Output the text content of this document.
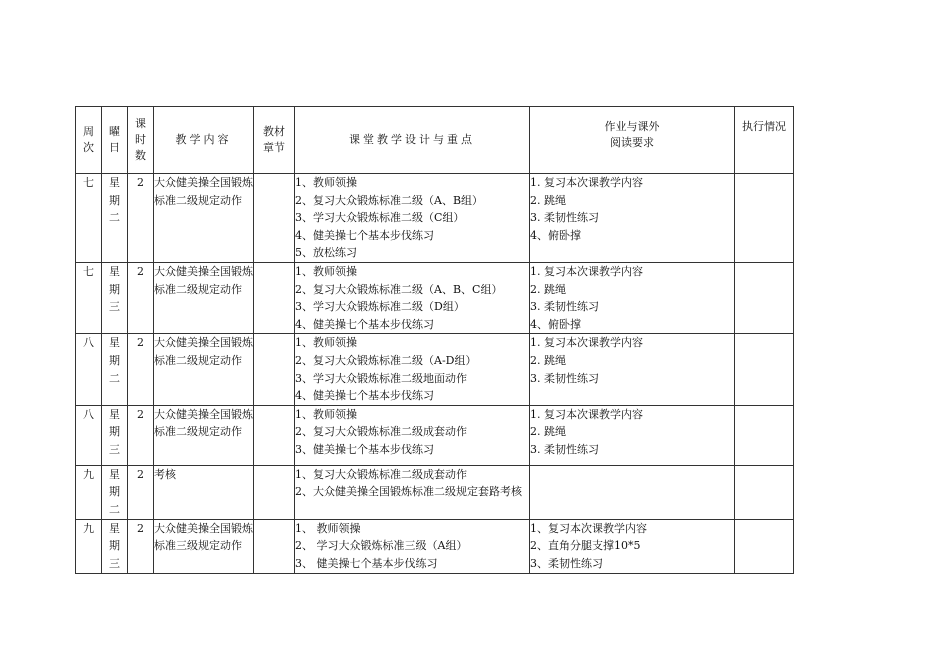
周次	曜日	课时数	教学内容	教材章节	课堂教学设计与重点	作业与课外
阅读要求	执行情况
七	星期二	2	大众健美操全国锻炼标准二级规定动作		1、教师领操
2、复习大众锻炼标准二级（A、B组）
3、学习大众锻炼标准二级（C组）
4、健美操七个基本步伐练习
5、放松练习	1. 复习本次课教学内容
2. 跳绳
3. 柔韧性练习
4、俯卧撑	

七	星期三	2	大众健美操全国锻炼标准二级规定动作		1、教师领操
2、复习大众锻炼标准二级（A、B、C组）
3、学习大众锻炼标准二级（D组）
4、健美操七个基本步伐练习	1. 复习本次课教学内容
2. 跳绳
3. 柔韧性练习
4、俯卧撑	

八	星期二	2	大众健美操全国锻炼标准二级规定动作		1、教师领操
2、复习大众锻炼标准二级（A-D组）
3、学习大众锻炼标准二级地面动作
4、健美操七个基本步伐练习	1. 复习本次课教学内容
2. 跳绳
3. 柔韧性练习	

八	星期三	2	大众健美操全国锻炼标准二级规定动作		1、教师领操
2、复习大众锻炼标准二级成套动作
3、健美操七个基本步伐练习	1. 复习本次课教学内容
2. 跳绳
3. 柔韧性练习	

九	星期二	2	考核		1、复习大众锻炼标准二级成套动作
2、大众健美操全国锻炼标准二级规定套路考核		

九	星期三	2	大众健美操全国锻炼标准三级规定动作		1、 教师领操
2、 学习大众锻炼标准三级（A组）
3、 健美操七个基本步伐练习	1、复习本次课教学内容
2、直角分腿支撑10*5
3、柔韧性练习	
